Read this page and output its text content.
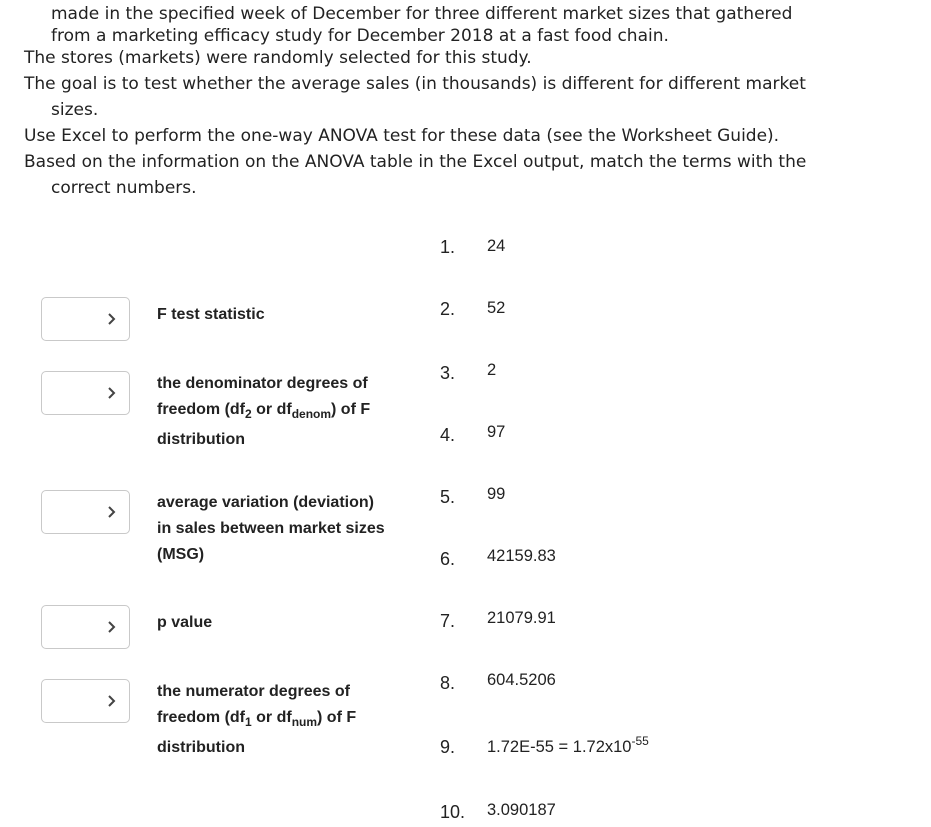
made in the specified week of December for three different market sizes that gathered
from a marketing efficacy study for December 2018 at a fast food chain.
The stores (markets) were randomly selected for this study.
The goal is to test whether the average sales (in thousands) is different for different market
sizes.
Use Excel to perform the one-way ANOVA test for these data (see the Worksheet Guide).
Based on the information on the ANOVA table in the Excel output, match the terms with the
correct numbers.
F test statistic
the denominator degrees of
freedom ($df_2$ or $df_{denom}$) of F
distribution
average variation (deviation)
in sales between market sizes
(MSG)
p value
the numerator degrees of
freedom ($df_1$ or $df_{num}$) of F
distribution
1. 24
2. 52
3. 2
4. 97
5. 99
6. 42159.83
7. 21079.91
8. 604.5206
9. $1.72E-55 = 1.72x10^{-55}$
10. 3.090187
